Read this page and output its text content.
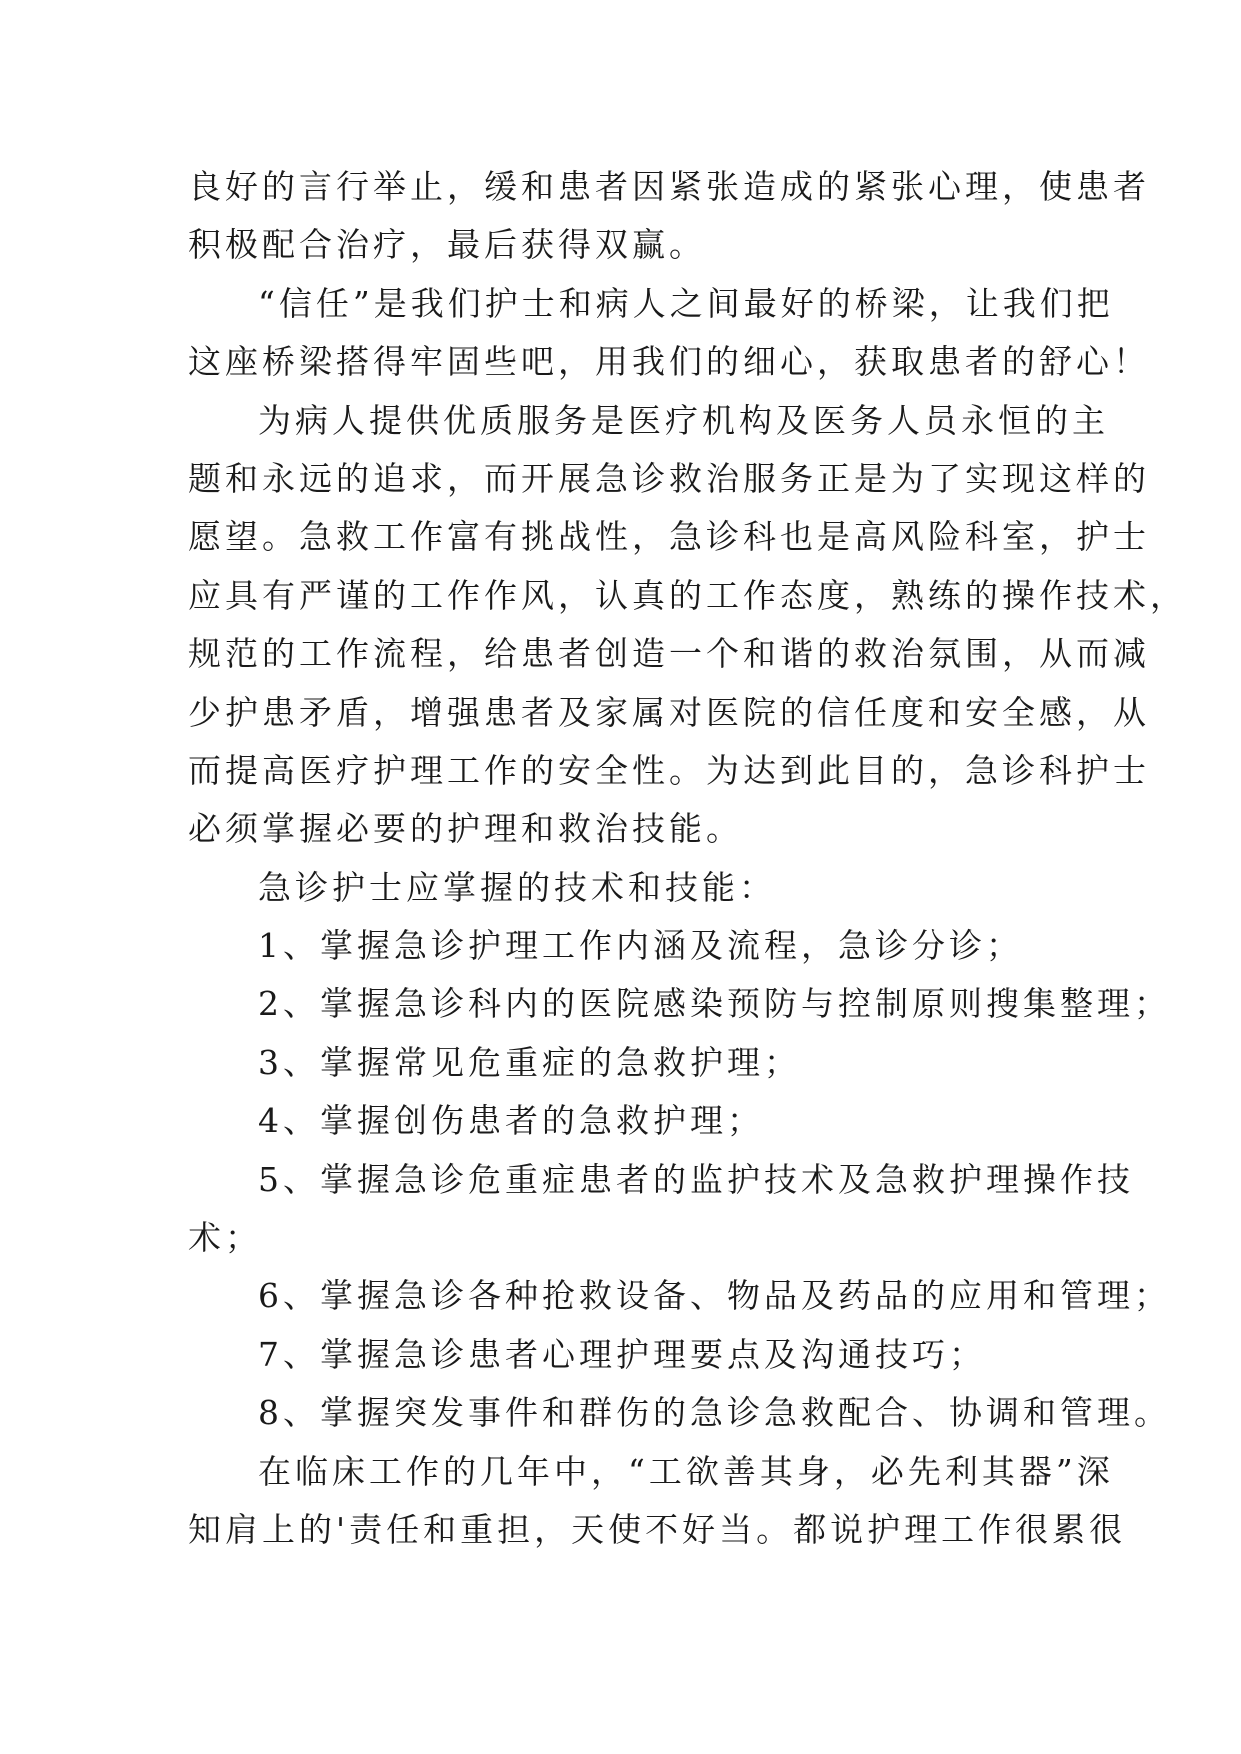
良好的言行举止，缓和患者因紧张造成的紧张心理，使患者
积极配合治疗，最后获得双赢。
“信任”是我们护士和病人之间最好的桥梁，让我们把
这座桥梁搭得牢固些吧，用我们的细心，获取患者的舒心！
为病人提供优质服务是医疗机构及医务人员永恒的主
题和永远的追求，而开展急诊救治服务正是为了实现这样的
愿望。急救工作富有挑战性，急诊科也是高风险科室，护士
应具有严谨的工作作风，认真的工作态度，熟练的操作技术，
规范的工作流程，给患者创造一个和谐的救治氛围，从而减
少护患矛盾，增强患者及家属对医院的信任度和安全感，从
而提高医疗护理工作的安全性。为达到此目的，急诊科护士
必须掌握必要的护理和救治技能。
急诊护士应掌握的技术和技能：
1、掌握急诊护理工作内涵及流程，急诊分诊；
2、掌握急诊科内的医院感染预防与控制原则搜集整理；
3、掌握常见危重症的急救护理；
4、掌握创伤患者的急救护理；
5、掌握急诊危重症患者的监护技术及急救护理操作技
术；
6、掌握急诊各种抢救设备、物品及药品的应用和管理；
7、掌握急诊患者心理护理要点及沟通技巧；
8、掌握突发事件和群伤的急诊急救配合、协调和管理。
在临床工作的几年中，“工欲善其身，必先利其器”深
知肩上的'责任和重担，天使不好当。都说护理工作很累很
